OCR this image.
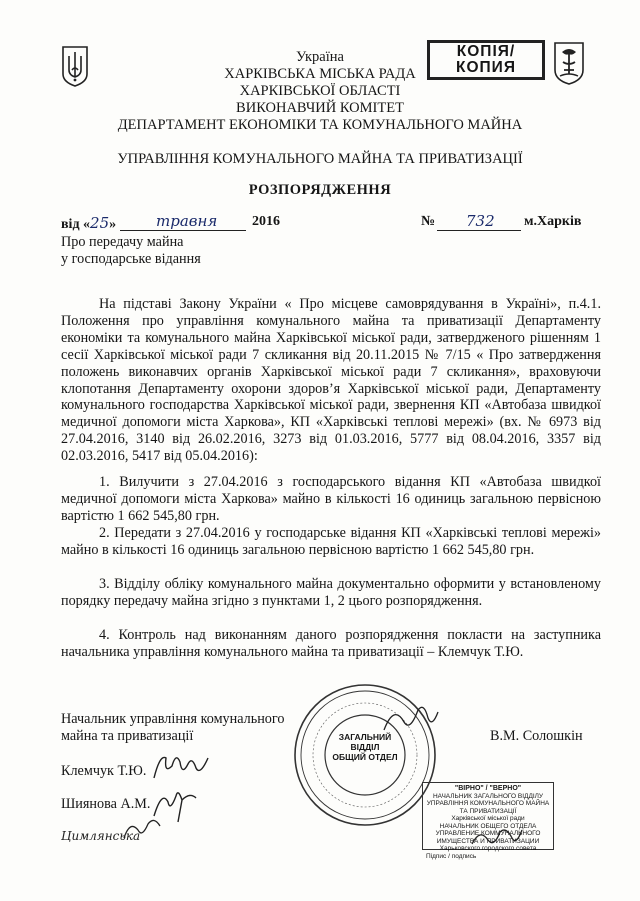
КОПІЯ/
КОПИЯ
Україна
ХАРКІВСЬКА МІСЬКА РАДА
ХАРКІВСЬКОЇ ОБЛАСТІ
ВИКОНАВЧИЙ КОМІТЕТ
ДЕПАРТАМЕНТ ЕКОНОМІКИ ТА КОМУНАЛЬНОГО МАЙНА
УПРАВЛІННЯ КОМУНАЛЬНОГО МАЙНА ТА ПРИВАТИЗАЦІЇ
РОЗПОРЯДЖЕННЯ
від «25»	травня 2016	№ 732 м.Харків
Про передачу майна
у господарське відання

На підставі Закону України « Про місцеве самоврядування в Україні», п.4.1. Положення про управління комунального майна та приватизації Департаменту економіки та комунального майна Харківської міської ради, затвердженого рішенням 1 сесії Харківської міської ради 7 скликання від 20.11.2015 № 7/15 « Про затвердження положень виконавчих органів Харківської міської ради 7 скликання», враховуючи клопотання Департаменту охорони здоров’я Харківської міської ради, Департаменту комунального господарства Харківської міської ради, звернення КП «Автобаза швидкої медичної допомоги міста Харкова», КП «Харківські теплові мережі» (вх. № 6973 від 27.04.2016, 3140 від 26.02.2016, 3273 від 01.03.2016, 5777 від 08.04.2016, 3357 від 02.03.2016, 5417 від 05.04.2016):

1. Вилучити з 27.04.2016 з господарського відання КП «Автобаза швидкої медичної допомоги міста Харкова» майно в кількості 16 одиниць загальною первісною вартістю 1 662 545,80 грн.

2. Передати з 27.04.2016 у господарське відання КП «Харківські теплові мережі» майно в кількості 16 одиниць загальною первісною вартістю 1 662 545,80 грн.

3. Відділу обліку комунального майна документально оформити у встановленому порядку передачу майна згідно з пунктами 1, 2 цього розпорядження.

4. Контроль над виконанням даного розпорядження покласти на заступника начальника управління комунального майна та приватизації – Клемчук Т.Ю.

Начальник управління комунального
майна та приватизації	В.М. Солошкін
Клемчук Т.Ю.
Шиянова А.М.
Цимлянська
ЗАГАЛЬНИЙ
ВІДДІЛ
ОБЩИЙ ОТДЕЛ
"ВІРНО" / "ВЕРНО"
НАЧАЛЬНИК ЗАГАЛЬНОГО ВІДДІЛУ
УПРАВЛІННЯ КОМУНАЛЬНОГО МАЙНА ТА ПРИВАТИЗАЦІЇ
Харківської міської ради
НАЧАЛЬНИК ОБЩЕГО ОТДЕЛА
УПРАВЛЕНИЕ КОММУНАЛЬНОГО ИМУЩЕСТВА И ПРИВАТИЗАЦИИ
Харьковского городского совета
Підпис / подпись
